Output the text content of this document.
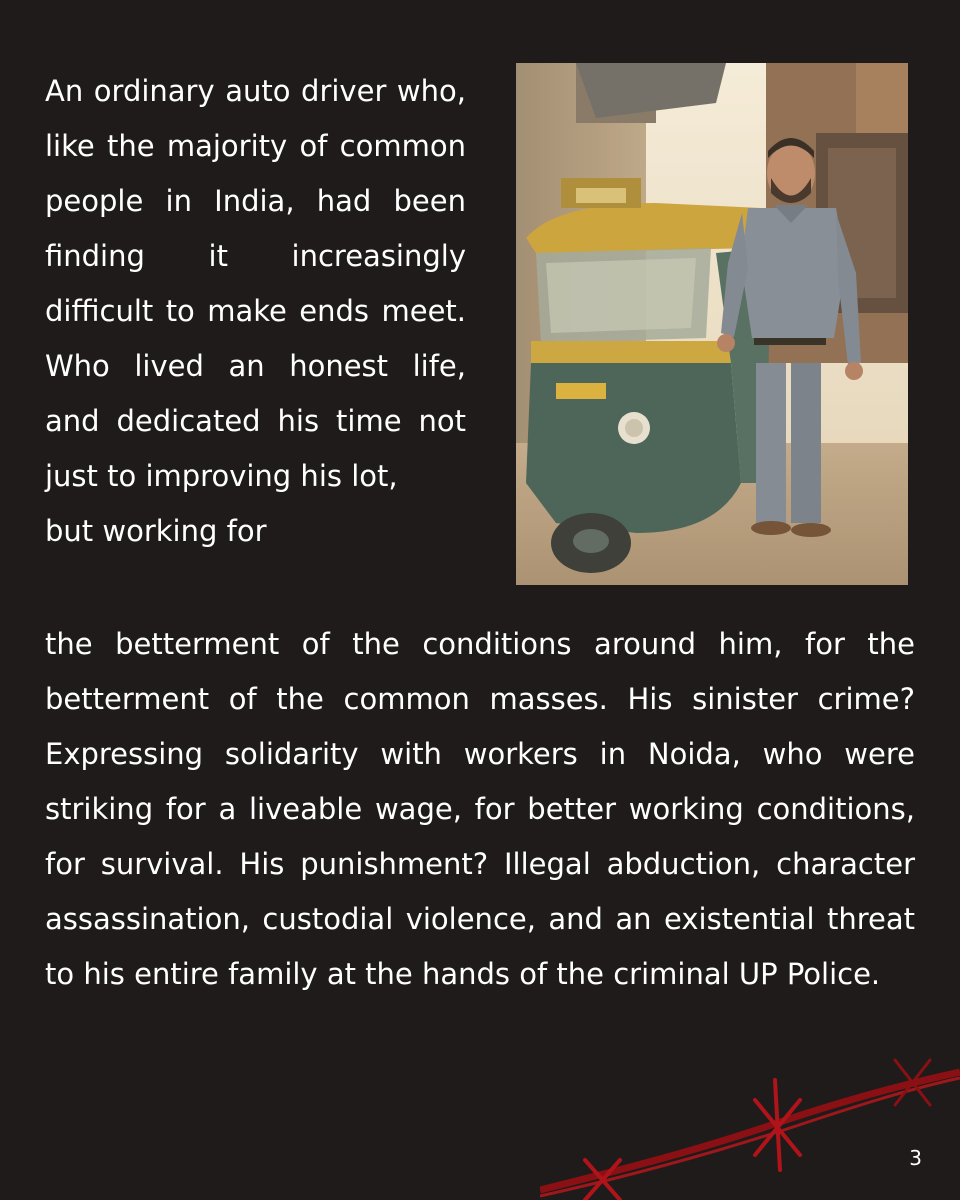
An ordinary auto driver who, like the majority of common people in India, had been finding it increasingly difficult to make ends meet. Who lived an honest life, and dedicated his time not just to improving his lot,
but working for

the betterment of the conditions around him, for the betterment of the common masses. His sinister crime? Expressing solidarity with workers in Noida, who were striking for a liveable wage, for better working conditions, for survival. His punishment? Illegal abduction, character assassination, custodial violence, and an existential threat to his entire family at the hands of the criminal UP Police.

3
